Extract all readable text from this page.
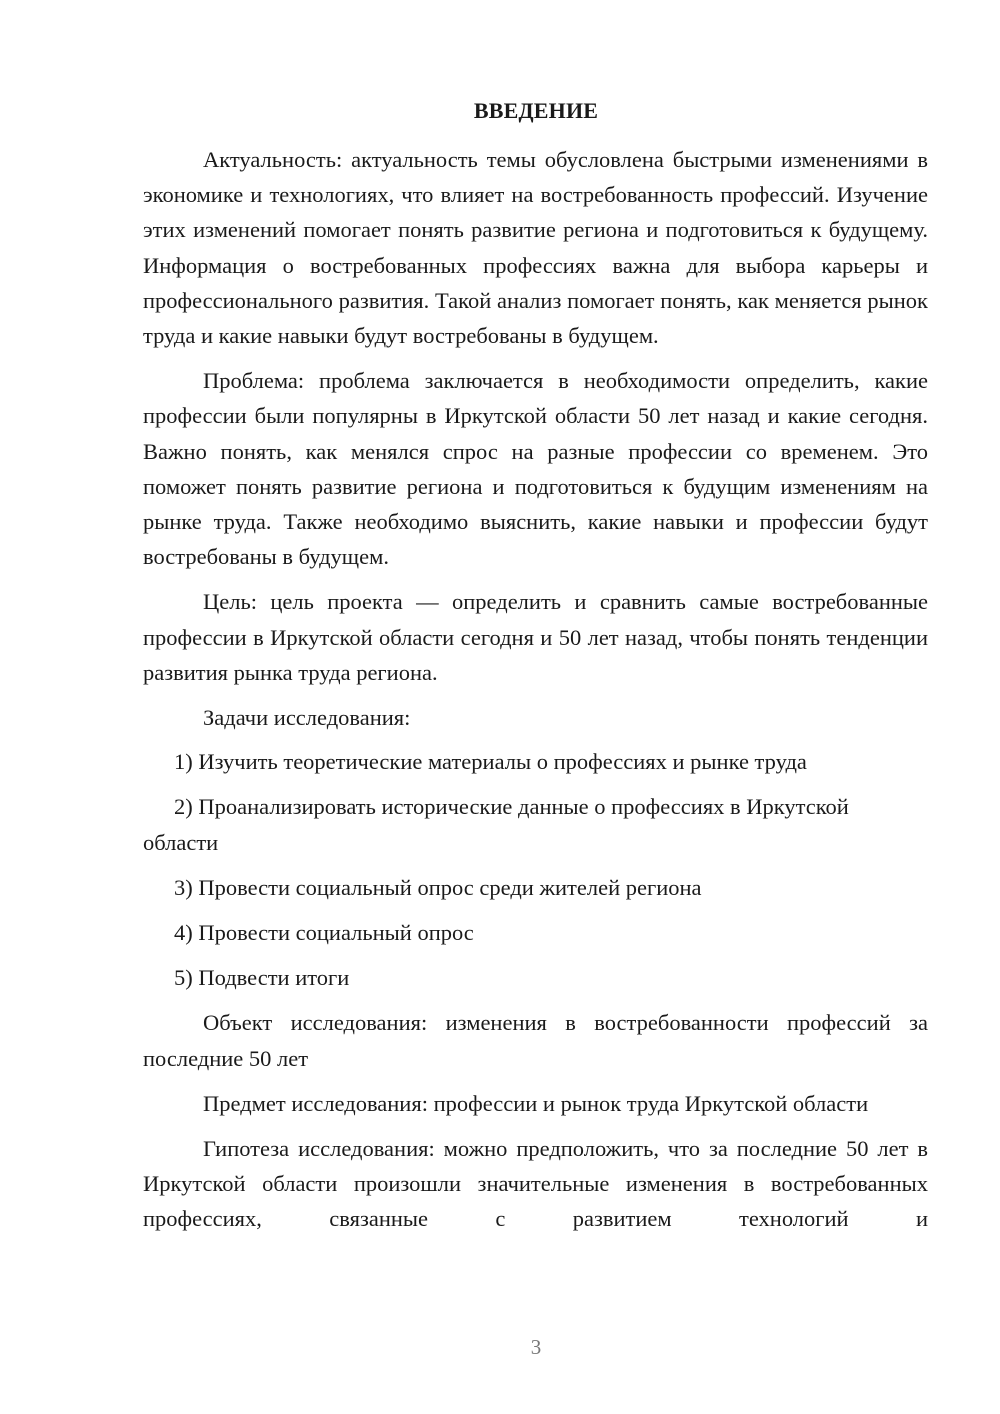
ВВЕДЕНИЕ

Актуальность: актуальность темы обусловлена быстрыми изменениями в экономике и технологиях, что влияет на востребованность профессий. Изучение этих изменений помогает понять развитие региона и подготовиться к будущему. Информация о востребованных профессиях важна для выбора карьеры и профессионального развития. Такой анализ помогает понять, как меняется рынок труда и какие навыки будут востребованы в будущем.

Проблема: проблема заключается в необходимости определить, какие профессии были популярны в Иркутской области 50 лет назад и какие сегодня. Важно понять, как менялся спрос на разные профессии со временем. Это поможет понять развитие региона и подготовиться к будущим изменениям на рынке труда. Также необходимо выяснить, какие навыки и профессии будут востребованы в будущем.

Цель: цель проекта — определить и сравнить самые востребованные профессии в Иркутской области сегодня и 50 лет назад, чтобы понять тенденции развития рынка труда региона.

Задачи исследования:

1) Изучить теоретические материалы о профессиях и рынке труда

2) Проанализировать исторические данные о профессиях в Иркутской области

3) Провести социальный опрос среди жителей региона

4) Провести социальный опрос

5) Подвести итоги

Объект исследования: изменения в востребованности профессий за последние 50 лет

Предмет исследования: профессии и рынок труда Иркутской области

Гипотеза исследования: можно предположить, что за последние 50 лет в Иркутской области произошли значительные изменения в востребованных профессиях, связанные с развитием технологий и

3
